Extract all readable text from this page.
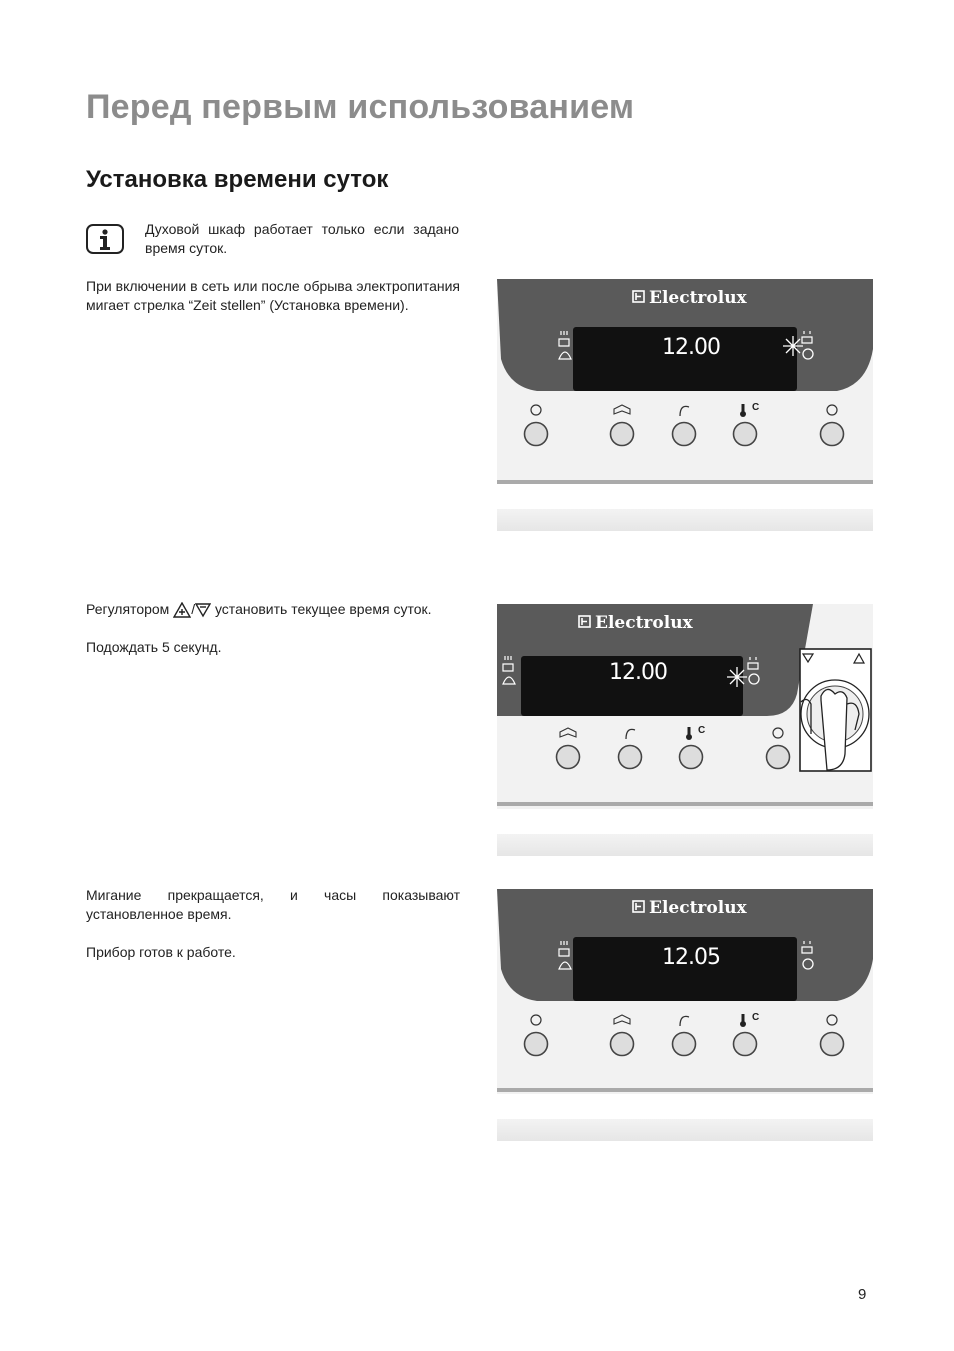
Перед первым использованием
Установка времени суток
Духовой шкаф работает только если задано время суток.
При включении в сеть или после обрыва электропитания мигает стрелка “Zeit stellen” (Установка времени).
Регулятором / установить текущее время суток.
Подождать 5 секунд.
Мигание прекращается, и часы показывают установленное время.
Прибор готов к работе.
Electrolux
12.00
C
Electrolux
12.00
C
Electrolux
12.05
C
9
